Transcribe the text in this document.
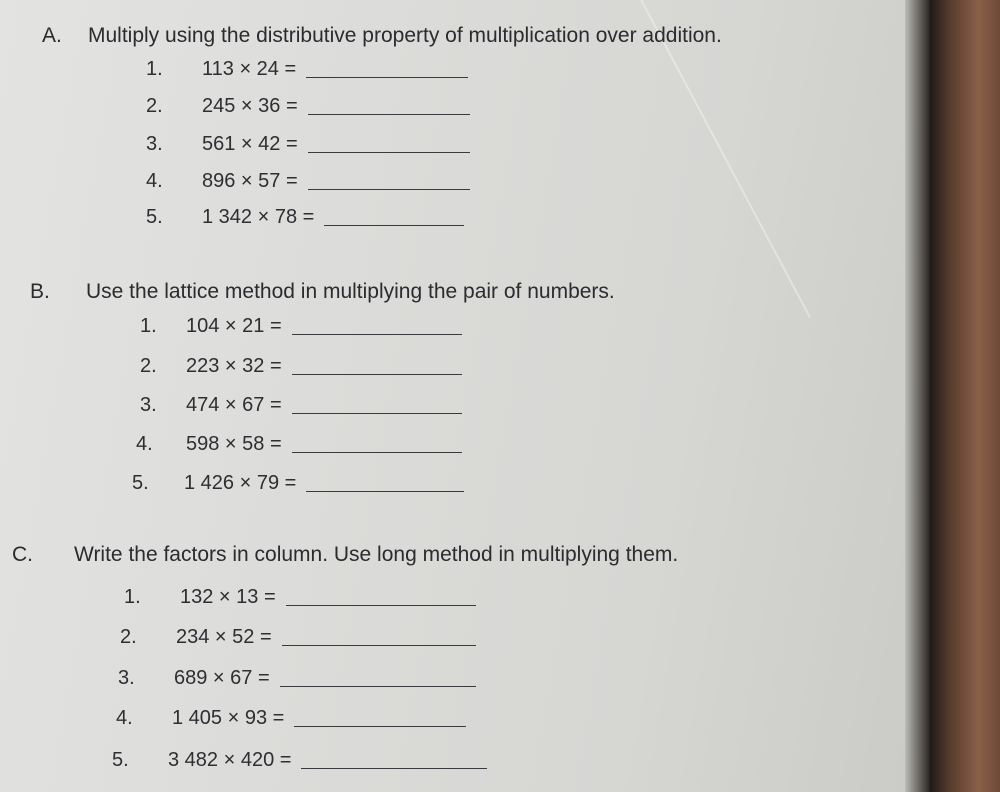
A. Multiply using the distributive property of multiplication over addition.
1.	113 × 24 =
2.	245 × 36 =
3.	561 × 42 =
4.	896 × 57 =
5.	1 342 × 78 =
B. Use the lattice method in multiplying the pair of numbers.
1.	104 × 21 =
2.	223 × 32 =
3.	474 × 67 =
4.	598 × 58 =
5.	1 426 × 79 =
C. Write the factors in column. Use long method in multiplying them.
1.	132 × 13 =
2.	234 × 52 =
3.	689 × 67 =
4.	1 405 × 93 =
5.	3 482 × 420 =
